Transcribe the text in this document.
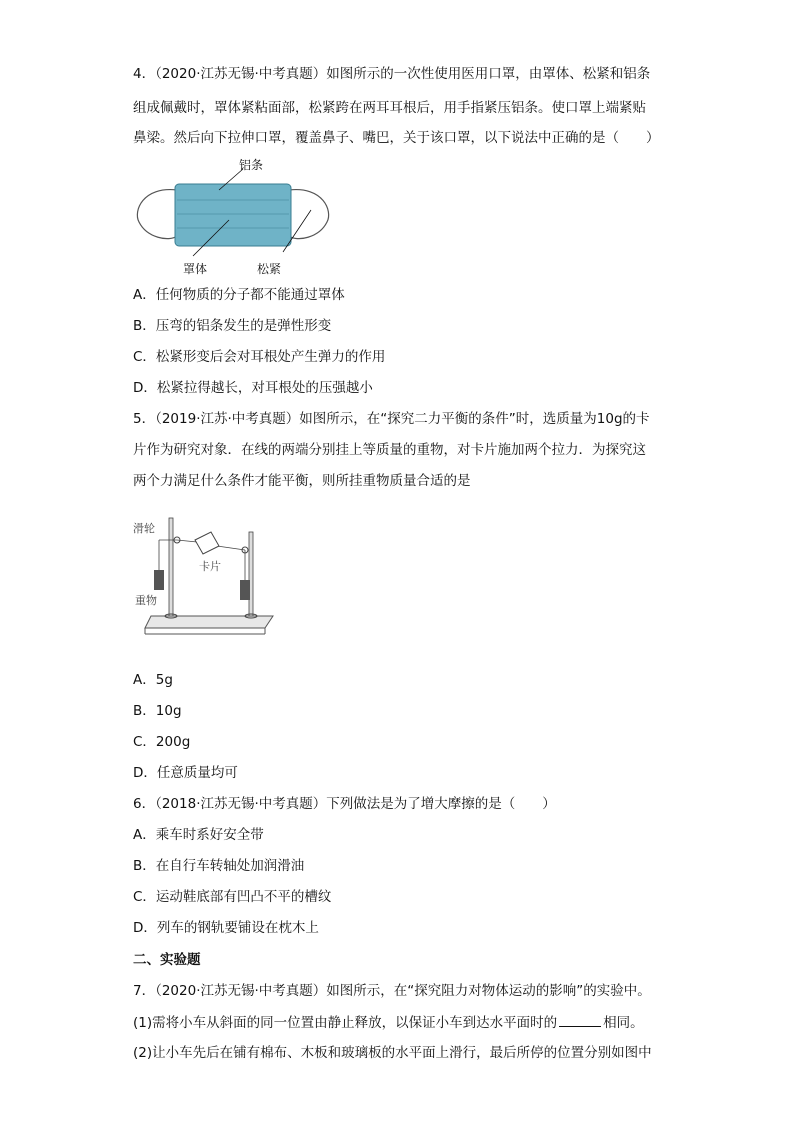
4．（2020·江苏无锡·中考真题）如图所示的一次性使用医用口罩，由罩体、松紧和铝条
组成佩戴时，罩体紧粘面部，松紧跨在两耳耳根后，用手指紧压铝条。使口罩上端紧贴
鼻梁。然后向下拉伸口罩，覆盖鼻子、嘴巴，关于该口罩，以下说法中正确的是（　　）
铝条
罩体	松紧
A．任何物质的分子都不能通过罩体
B．压弯的铝条发生的是弹性形变
C．松紧形变后会对耳根处产生弹力的作用
D．松紧拉得越长，对耳根处的压强越小
5．（2019·江苏·中考真题）如图所示，在“探究二力平衡的条件”时，选质量为10g的卡
片作为研究对象．在线的两端分别挂上等质量的重物，对卡片施加两个拉力．为探究这
两个力满足什么条件才能平衡，则所挂重物质量合适的是
滑轮
卡片
重物
A．5g
B．10g
C．200g
D．任意质量均可
6．（2018·江苏无锡·中考真题）下列做法是为了增大摩擦的是（　　）
A．乘车时系好安全带
B．在自行车转轴处加润滑油
C．运动鞋底部有凹凸不平的槽纹
D．列车的钢轨要铺设在枕木上
二、实验题
7．（2020·江苏无锡·中考真题）如图所示，在“探究阻力对物体运动的影响”的实验中。
(1)需将小车从斜面的同一位置由静止释放，以保证小车到达水平面时的	相同。
(2)让小车先后在铺有棉布、木板和玻璃板的水平面上滑行，最后所停的位置分别如图中
